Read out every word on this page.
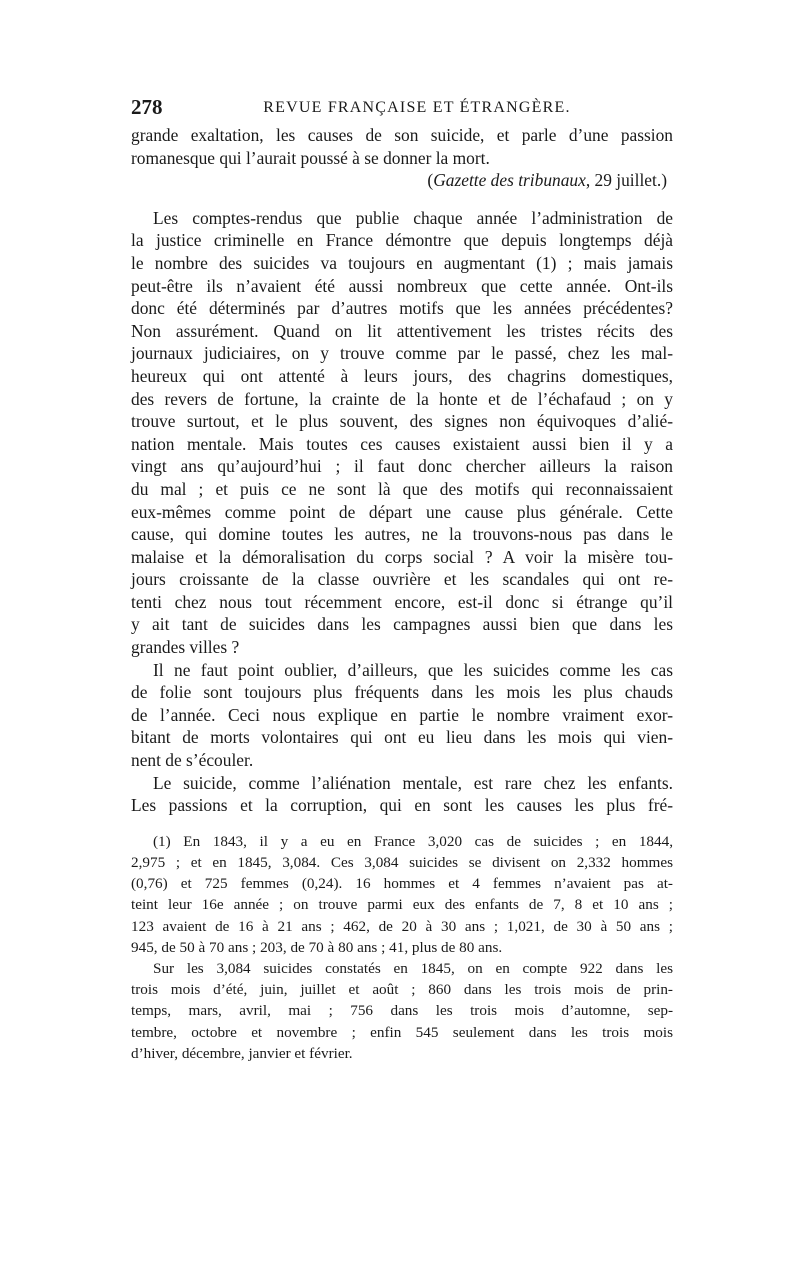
278	REVUE FRANÇAISE ET ÉTRANGÈRE.
grande exaltation, les causes de son suicide, et parle d’une passion
romanesque qui l’aurait poussé à se donner la mort.
(Gazette des tribunaux, 29 juillet.)
Les comptes-rendus que publie chaque année l’administration de
la justice criminelle en France démontre que depuis longtemps déjà
le nombre des suicides va toujours en augmentant (1) ; mais jamais
peut-être ils n’avaient été aussi nombreux que cette année. Ont-ils
donc été déterminés par d’autres motifs que les années précédentes?
Non assurément. Quand on lit attentivement les tristes récits des
journaux judiciaires, on y trouve comme par le passé, chez les mal-
heureux qui ont attenté à leurs jours, des chagrins domestiques,
des revers de fortune, la crainte de la honte et de l’échafaud ; on y
trouve surtout, et le plus souvent, des signes non équivoques d’alié-
nation mentale. Mais toutes ces causes existaient aussi bien il y a
vingt ans qu’aujourd’hui ; il faut donc chercher ailleurs la raison
du mal ; et puis ce ne sont là que des motifs qui reconnaissaient
eux-mêmes comme point de départ une cause plus générale. Cette
cause, qui domine toutes les autres, ne la trouvons-nous pas dans le
malaise et la démoralisation du corps social ? A voir la misère tou-
jours croissante de la classe ouvrière et les scandales qui ont re-
tenti chez nous tout récemment encore, est-il donc si étrange qu’il
y ait tant de suicides dans les campagnes aussi bien que dans les
grandes villes ?
Il ne faut point oublier, d’ailleurs, que les suicides comme les cas
de folie sont toujours plus fréquents dans les mois les plus chauds
de l’année. Ceci nous explique en partie le nombre vraiment exor-
bitant de morts volontaires qui ont eu lieu dans les mois qui vien-
nent de s’écouler.
Le suicide, comme l’aliénation mentale, est rare chez les enfants.
Les passions et la corruption, qui en sont les causes les plus fré-
(1) En 1843, il y a eu en France 3,020 cas de suicides ; en 1844,
2,975 ; et en 1845, 3,084. Ces 3,084 suicides se divisent on 2,332 hommes
(0,76) et 725 femmes (0,24). 16 hommes et 4 femmes n’avaient pas at-
teint leur 16e année ; on trouve parmi eux des enfants de 7, 8 et 10 ans ;
123 avaient de 16 à 21 ans ; 462, de 20 à 30 ans ; 1,021, de 30 à 50 ans ;
945, de 50 à 70 ans ; 203, de 70 à 80 ans ; 41, plus de 80 ans.
Sur les 3,084 suicides constatés en 1845, on en compte 922 dans les
trois mois d’été, juin, juillet et août ; 860 dans les trois mois de prin-
temps, mars, avril, mai ; 756 dans les trois mois d’automne, sep-
tembre, octobre et novembre ; enfin 545 seulement dans les trois mois
d’hiver, décembre, janvier et février.
